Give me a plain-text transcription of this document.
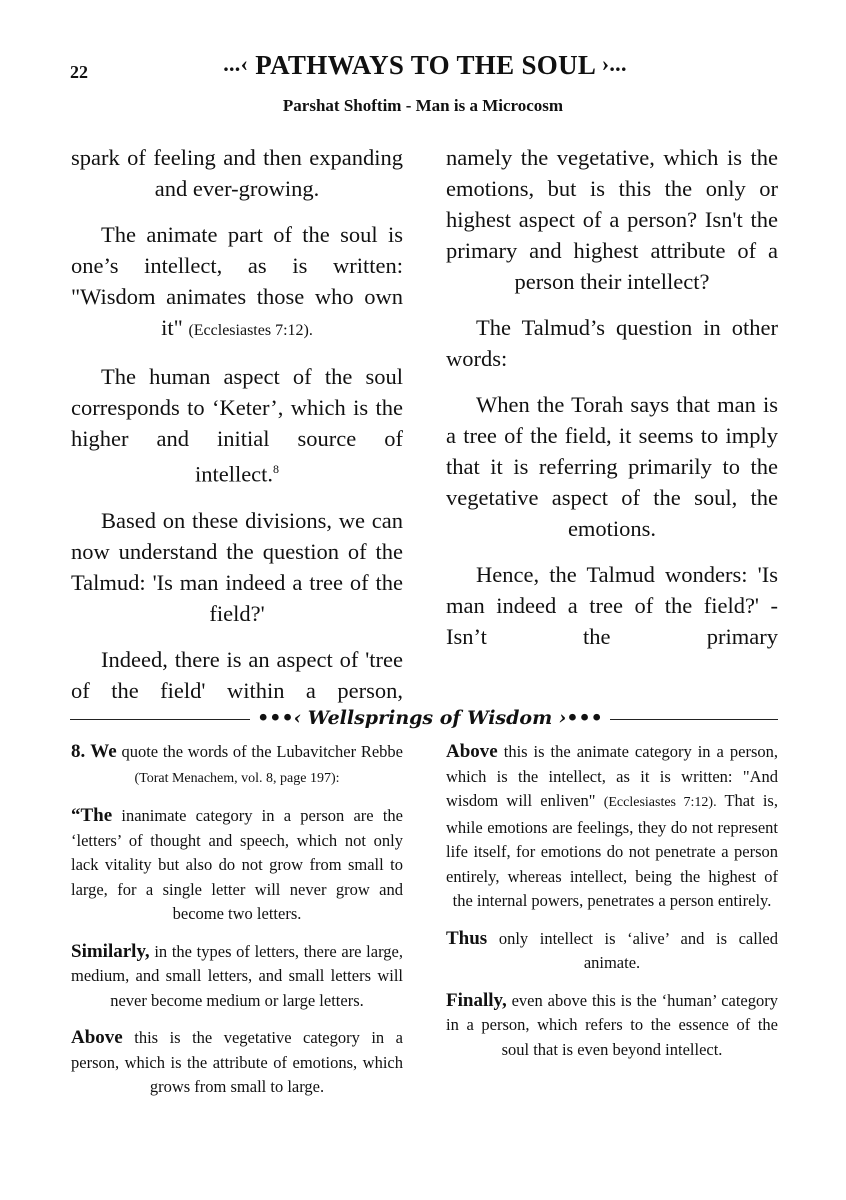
22	...‹ PATHWAYS TO THE SOUL ›...
Parshat Shoftim - Man is a Microcosm

spark of feeling and then expanding and ever-growing.

The animate part of the soul is one’s intellect, as is written: "Wisdom animates those who own it" (Ecclesiastes 7:12).

The human aspect of the soul corresponds to ‘Keter’, which is the higher and initial source of intellect.$^8$

Based on these divisions, we can now understand the question of the Talmud: 'Is man indeed a tree of the field?'

Indeed, there is an aspect of 'tree of the field' within a person,

namely the vegetative, which is the emotions, but is this the only or highest aspect of a person? Isn't the primary and highest attribute of a person their intellect?

The Talmud’s question in other words:

When the Torah says that man is a tree of the field, it seems to imply that it is referring primarily to the vegetative aspect of the soul, the emotions.

Hence, the Talmud wonders: 'Is man indeed a tree of the field?' - Isn’t the primary

•••‹ Wellsprings of Wisdom ›•••

8. We quote the words of the Lubavitcher Rebbe (Torat Menachem, vol. 8, page 197):

“The inanimate category in a person are the ‘letters’ of thought and speech, which not only lack vitality but also do not grow from small to large, for a single letter will never grow and become two letters.

Similarly, in the types of letters, there are large, medium, and small letters, and small letters will never become medium or large letters.

Above this is the vegetative category in a person, which is the attribute of emotions, which grows from small to large.

Above this is the animate category in a person, which is the intellect, as it is written: "And wisdom will enliven" (Ecclesiastes 7:12). That is, while emotions are feelings, they do not represent life itself, for emotions do not penetrate a person entirely, whereas intellect, being the highest of the internal powers, penetrates a person entirely.

Thus only intellect is ‘alive’ and is called animate.

Finally, even above this is the ‘human’ category in a person, which refers to the essence of the soul that is even beyond intellect.
